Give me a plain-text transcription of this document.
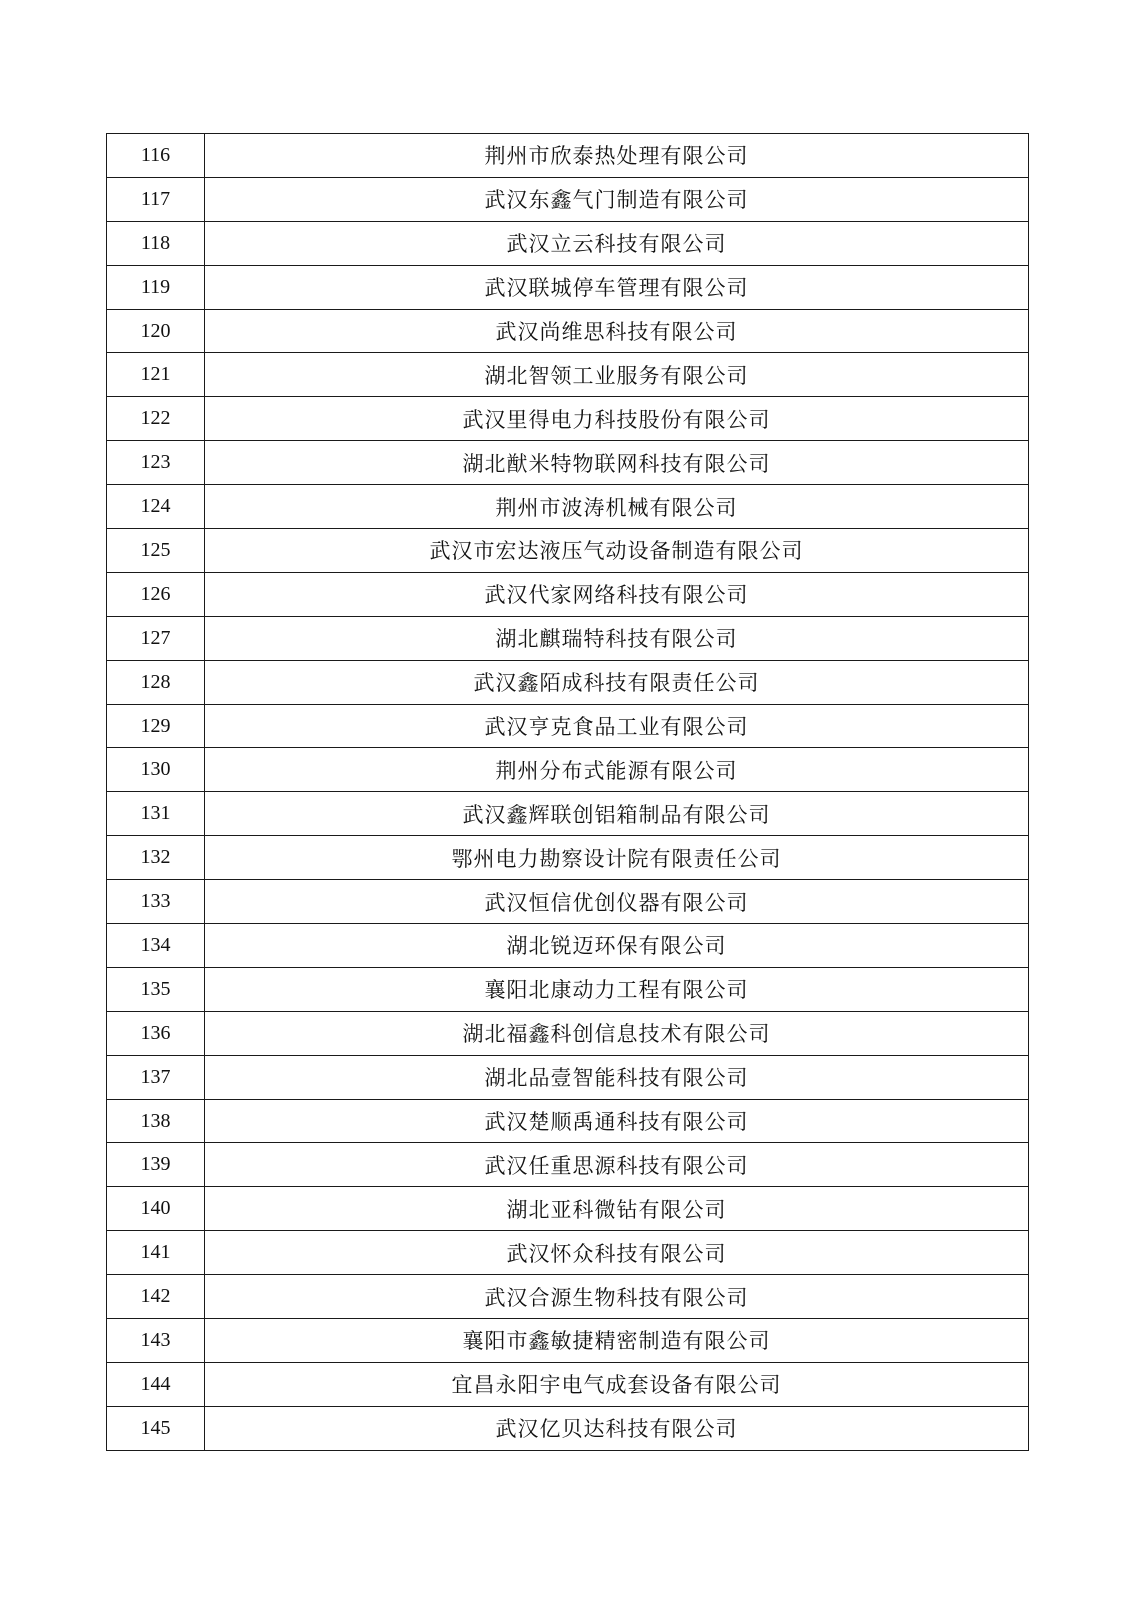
116	荆州市欣泰热处理有限公司
117	武汉东鑫气门制造有限公司
118	武汉立云科技有限公司
119	武汉联城停车管理有限公司
120	武汉尚维思科技有限公司
121	湖北智领工业服务有限公司
122	武汉里得电力科技股份有限公司
123	湖北猷米特物联网科技有限公司
124	荆州市波涛机械有限公司
125	武汉市宏达液压气动设备制造有限公司
126	武汉代家网络科技有限公司
127	湖北麒瑞特科技有限公司
128	武汉鑫陌成科技有限责任公司
129	武汉亨克食品工业有限公司
130	荆州分布式能源有限公司
131	武汉鑫辉联创铝箱制品有限公司
132	鄂州电力勘察设计院有限责任公司
133	武汉恒信优创仪器有限公司
134	湖北锐迈环保有限公司
135	襄阳北康动力工程有限公司
136	湖北福鑫科创信息技术有限公司
137	湖北品壹智能科技有限公司
138	武汉楚顺禹通科技有限公司
139	武汉任重思源科技有限公司
140	湖北亚科微钻有限公司
141	武汉怀众科技有限公司
142	武汉合源生物科技有限公司
143	襄阳市鑫敏捷精密制造有限公司
144	宜昌永阳宇电气成套设备有限公司
145	武汉亿贝达科技有限公司
